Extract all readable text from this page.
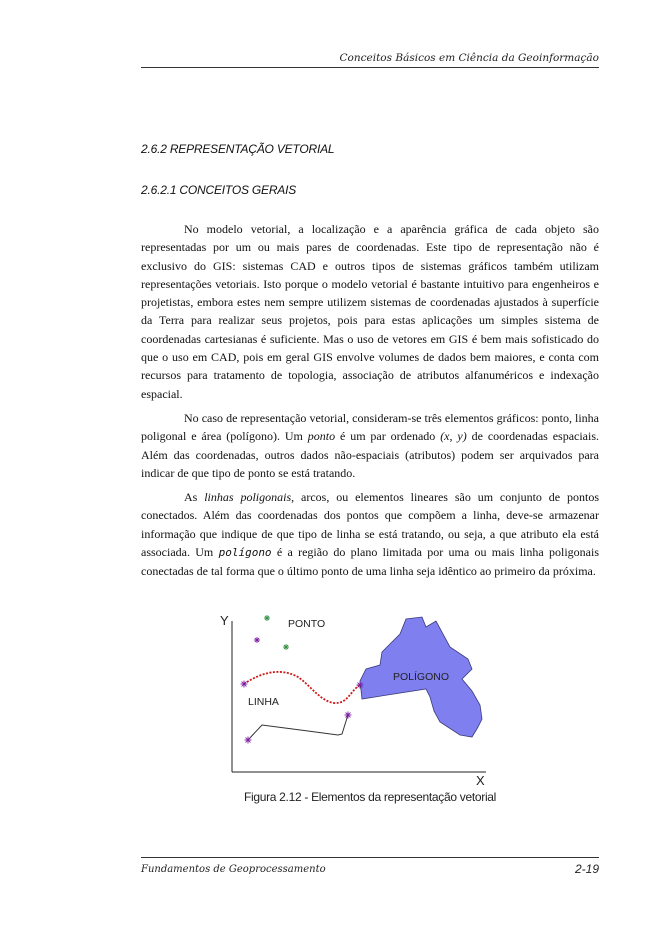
Conceitos Básicos em Ciência da Geoinformação
2.6.2 REPRESENTAÇÃO VETORIAL
2.6.2.1 CONCEITOS GERAIS

No modelo vetorial, a localização e a aparência gráfica de cada objeto são representadas por um ou mais pares de coordenadas. Este tipo de representação não é exclusivo do GIS: sistemas CAD e outros tipos de sistemas gráficos também utilizam representações vetoriais. Isto porque o modelo vetorial é bastante intuitivo para engenheiros e projetistas, embora estes nem sempre utilizem sistemas de coordenadas ajustados à superfície da Terra para realizar seus projetos, pois para estas aplicações um simples sistema de coordenadas cartesianas é suficiente. Mas o uso de vetores em GIS é bem mais sofisticado do que o uso em CAD, pois em geral GIS envolve volumes de dados bem maiores, e conta com recursos para tratamento de topologia, associação de atributos alfanuméricos e indexação espacial.

No caso de representação vetorial, consideram-se três elementos gráficos: ponto, linha poligonal e área (polígono). Um ponto é um par ordenado (x, y) de coordenadas espaciais. Além das coordenadas, outros dados não-espaciais (atributos) podem ser arquivados para indicar de que tipo de ponto se está tratando.

As linhas poligonais, arcos, ou elementos lineares são um conjunto de pontos conectados. Além das coordenadas dos pontos que compõem a linha, deve-se armazenar informação que indique de que tipo de linha se está tratando, ou seja, a que atributo ela está associada. Um polígono é a região do plano limitada por uma ou mais linha poligonais conectadas de tal forma que o último ponto de uma linha seja idêntico ao primeiro da próxima.

Y
X
PONTO
POLÍGONO
LINHA
Figura 2.12 - Elementos da representação vetorial
Fundamentos de Geoprocessamento	2-19
